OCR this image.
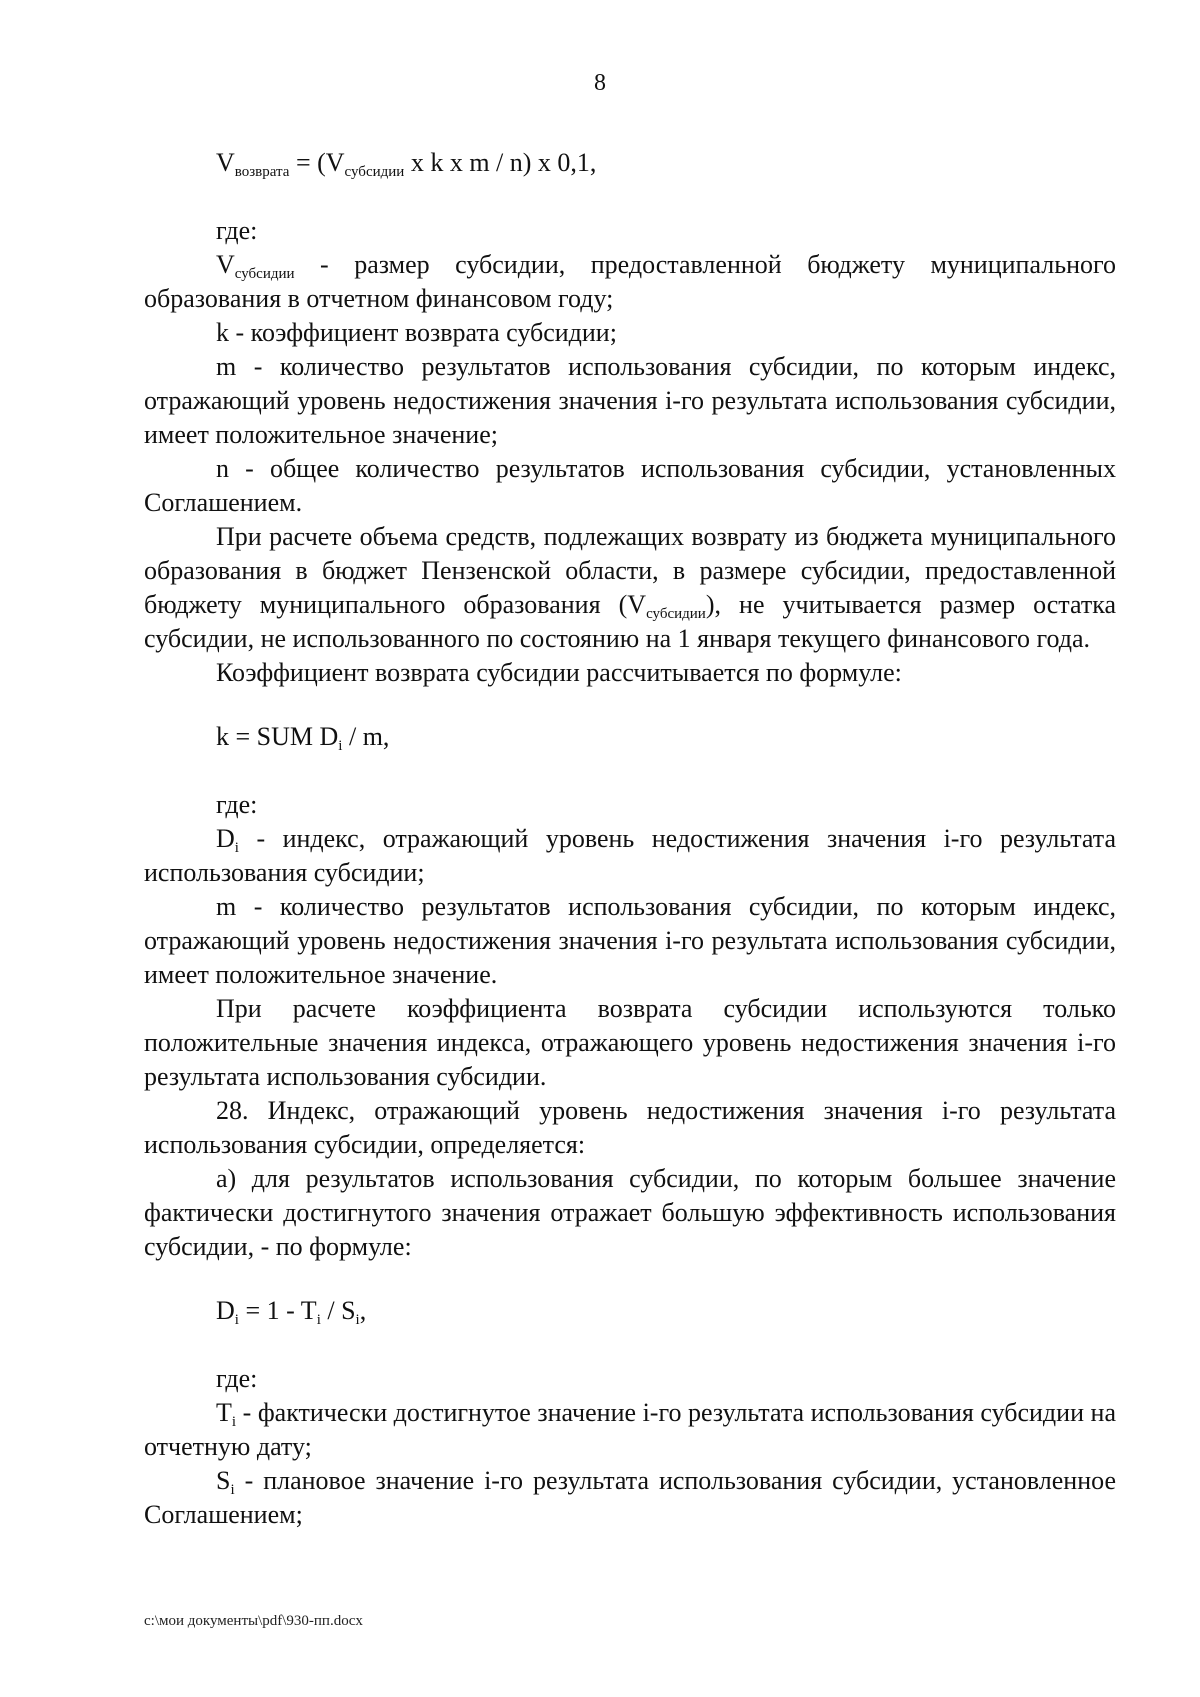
8

$V_{возврата} = (V_{субсидии}$ x k x m / n) x 0,1,

где:

$V_{субсидии}$ - размер субсидии, предоставленной бюджету муниципального образования в отчетном финансовом году;

k - коэффициент возврата субсидии;

m - количество результатов использования субсидии, по которым индекс, отражающий уровень недостижения значения i-го результата использования субсидии, имеет положительное значение;

n - общее количество результатов использования субсидии, установленных Соглашением.

При расчете объема средств, подлежащих возврату из бюджета муниципального образования в бюджет Пензенской области, в размере субсидии, предоставленной бюджету муниципального образования $(V_{субсидии})$, не учитывается размер остатка субсидии, не использованного по состоянию на 1 января текущего финансового года.

Коэффициент возврата субсидии рассчитывается по формуле:

k = SUM $D_i$ / m,

где:

$D_i$ - индекс, отражающий уровень недостижения значения i-го результата использования субсидии;

m - количество результатов использования субсидии, по которым индекс, отражающий уровень недостижения значения i-го результата использования субсидии, имеет положительное значение.

При расчете коэффициента возврата субсидии используются только положительные значения индекса, отражающего уровень недостижения значения i-го результата использования субсидии.

28. Индекс, отражающий уровень недостижения значения i-го результата использования субсидии, определяется:

а) для результатов использования субсидии, по которым большее значение фактически достигнутого значения отражает большую эффективность использования субсидии, - по формуле:

$D_i = 1 - T_i / S_i$,

где:

$T_i$ - фактически достигнутое значение i-го результата использования субсидии на отчетную дату;

$S_i$ - плановое значение i-го результата использования субсидии, установленное Соглашением;

c:\мои документы\pdf\930-пп.docx
